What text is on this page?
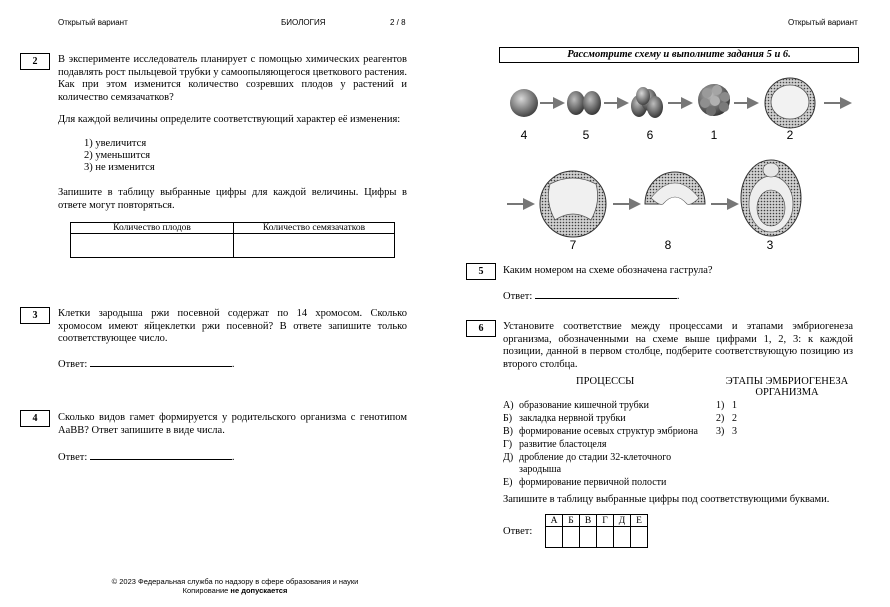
Открытый вариант	БИОЛОГИЯ	2 / 8	Открытый вариант
2	В эксперименте исследователь планирует с помощью химических реагентов подавлять рост пыльцевой трубки у самоопыляющегося цветкового растения. Как при этом изменится количество созревших плодов у растений и количество семязачатков?
Для каждой величины определите соответствующий характер её изменения:
1) увеличится
2) уменьшится
3) не изменится
Запишите в таблицу выбранные цифры для каждой величины. Цифры в ответе могут повторяться.
Количество плодов	Количество семязачатков

3	Клетки зародыша ржи посевной содержат по 14 хромосом. Сколько хромосом имеют яйцеклетки ржи посевной? В ответе запишите только соответствующее число.
Ответ:	.
4	Сколько видов гамет формируется у родительского организма с генотипом AaBB? Ответ запишите в виде числа.
Ответ:	.
© 2023 Федеральная служба по надзору в сфере образования и науки
Копирование не допускается
Рассмотрите схему и выполните задания 5 и 6.
4	5	6	1	2
7	8	3
5	Каким номером на схеме обозначена гаструла?
Ответ:	.
6	Установите соответствие между процессами и этапами эмбриогенеза организма, обозначенными на схеме выше цифрами 1, 2, 3: к каждой позиции, данной в первом столбце, подберите соответствующую позицию из второго столбца.
ПРОЦЕССЫ	ЭТАПЫ ЭМБРИОГЕНЕЗА
ОРГАНИЗМА
А) образование кишечной трубки
Б) закладка нервной трубки
В) формирование осевых структур эмбриона
Г) развитие бластоцеля
Д) дробление до стадии 32-клеточного
зародыша
Е) формирование первичной полости
1) 1
2) 2
3) 3
Запишите в таблицу выбранные цифры под соответствующими буквами.
Ответ:
А	Б	В	Г	Д	Е
